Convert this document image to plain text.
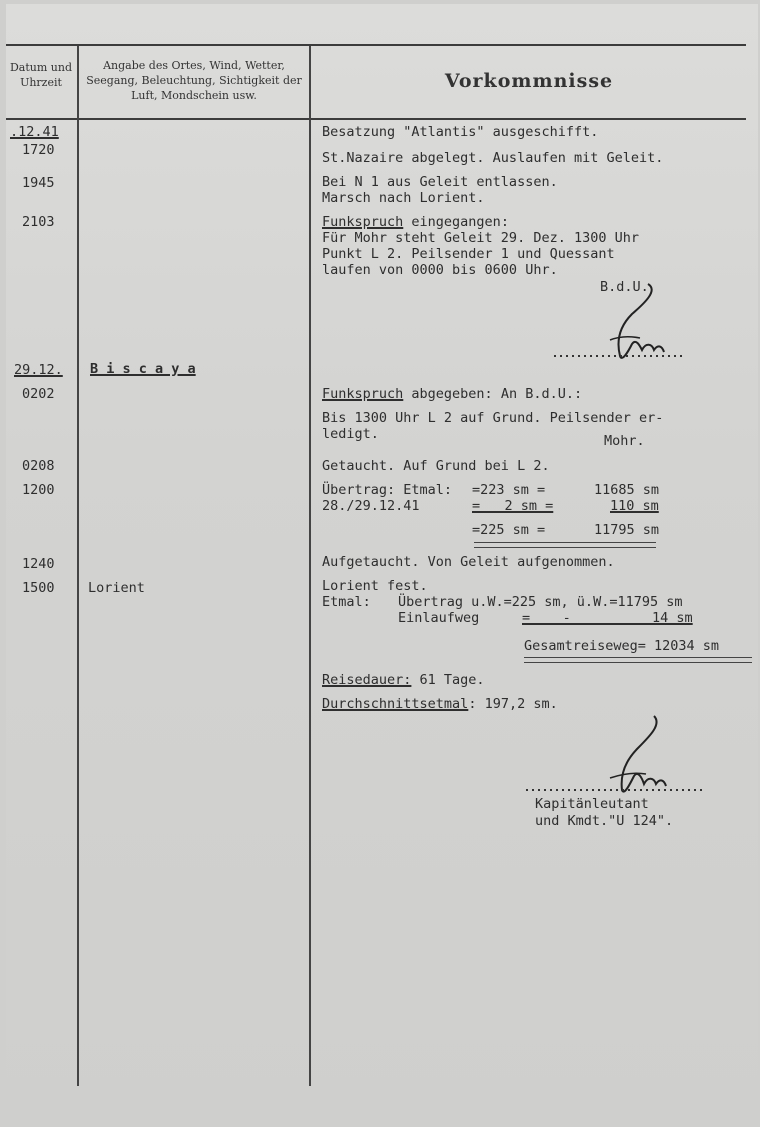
Datum und Uhrzeit
Angabe des Ortes, Wind, Wetter, Seegang, Beleuchtung, Sichtigkeit der Luft, Mondschein usw.
Vorkommnisse
.12.41	Besatzung "Atlantis" ausgeschifft.
1720	St.Nazaire abgelegt. Auslaufen mit Geleit.
1945	Bei N 1 aus Geleit entlassen.
Marsch nach Lorient.
2103	Funkspruch eingegangen:
Für Mohr steht Geleit 29. Dez. 1300 Uhr
Punkt L 2. Peilsender 1 und Quessant
laufen von 0000 bis 0600 Uhr.
B.d.U.
29.12. B i s c a y a
0202	Funkspruch abgegeben: An B.d.U.:
Bis 1300 Uhr L 2 auf Grund. Peilsender er-
ledigt.	Mohr.
0208	Getaucht. Auf Grund bei L 2.
1200	Übertrag: Etmal: =223 sm =	11685 sm
28./29.12.41	=   2 sm =	110 sm
=225 sm =	11795 sm
1240	Aufgetaucht. Von Geleit aufgenommen.
1500 Lorient	Lorient fest.
Etmal: Übertrag u.W.=225 sm, ü.W.=11795 sm
Einlaufweg	=    -          14 sm
Gesamtreiseweg= 12034 sm
Reisedauer: 61 Tage.
Durchschnittsetmal: 197,2 sm.
Kapitänleutant
und Kmdt."U 124".
